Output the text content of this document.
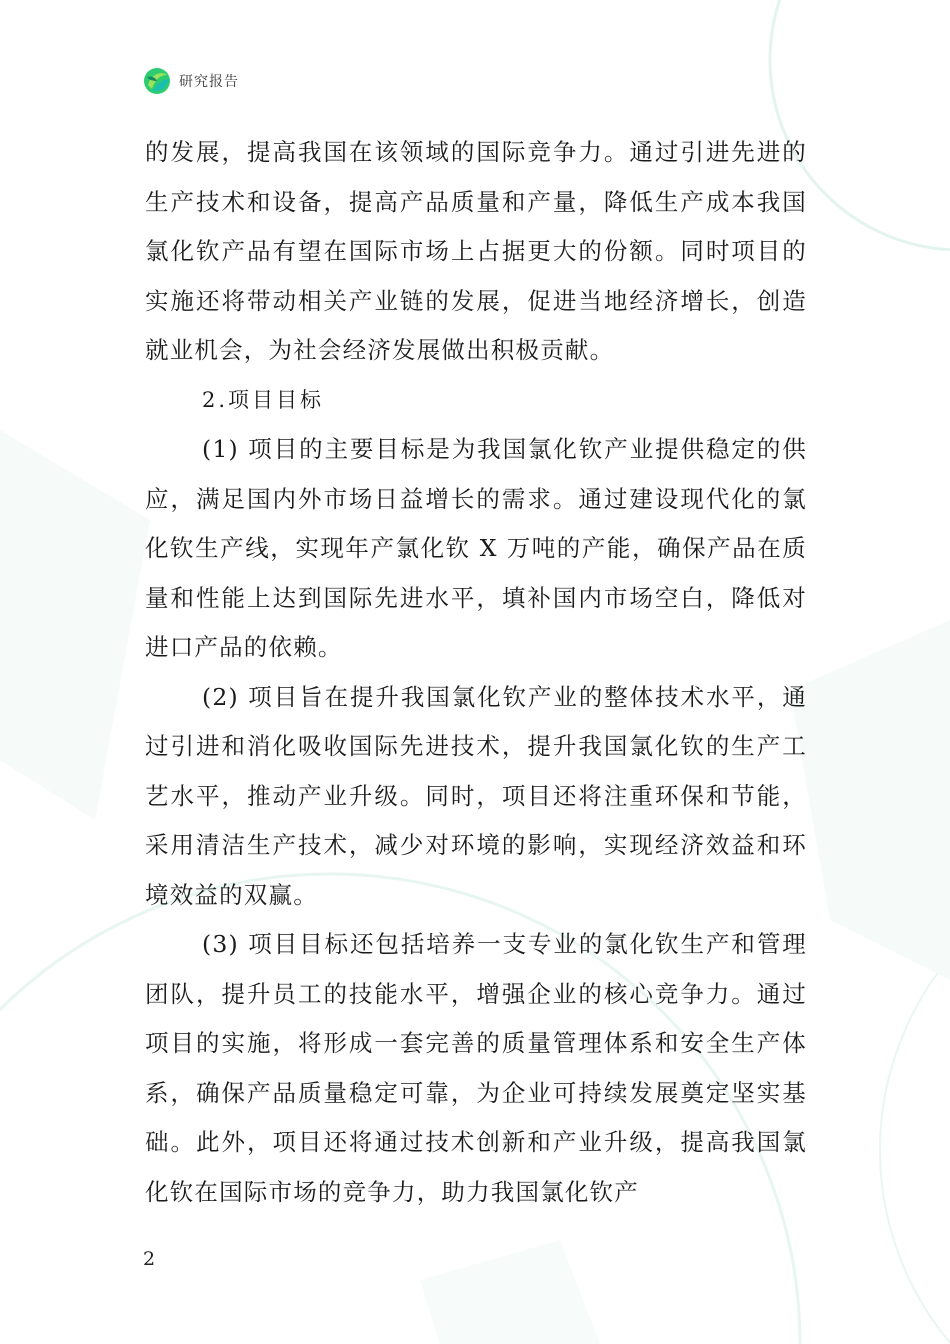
研究报告

的发展，提高我国在该领域的国际竞争力。通过引进先进的生产技术和设备，提高产品质量和产量，降低生产成本我国氯化钦产品有望在国际市场上占据更大的份额。同时项目的实施还将带动相关产业链的发展，促进当地经济增长，创造就业机会，为社会经济发展做出积极贡献。

2.项目目标

(1) 项目的主要目标是为我国氯化钦产业提供稳定的供应，满足国内外市场日益增长的需求。通过建设现代化的氯化钦生产线，实现年产氯化钦 X 万吨的产能，确保产品在质量和性能上达到国际先进水平，填补国内市场空白，降低对进口产品的依赖。

(2) 项目旨在提升我国氯化钦产业的整体技术水平，通过引进和消化吸收国际先进技术，提升我国氯化钦的生产工艺水平，推动产业升级。同时，项目还将注重环保和节能，采用清洁生产技术，减少对环境的影响，实现经济效益和环境效益的双赢。

(3) 项目目标还包括培养一支专业的氯化钦生产和管理团队，提升员工的技能水平，增强企业的核心竞争力。通过项目的实施，将形成一套完善的质量管理体系和安全生产体系，确保产品质量稳定可靠，为企业可持续发展奠定坚实基础。此外，项目还将通过技术创新和产业升级，提高我国氯化钦在国际市场的竞争力，助力我国氯化钦产

2
